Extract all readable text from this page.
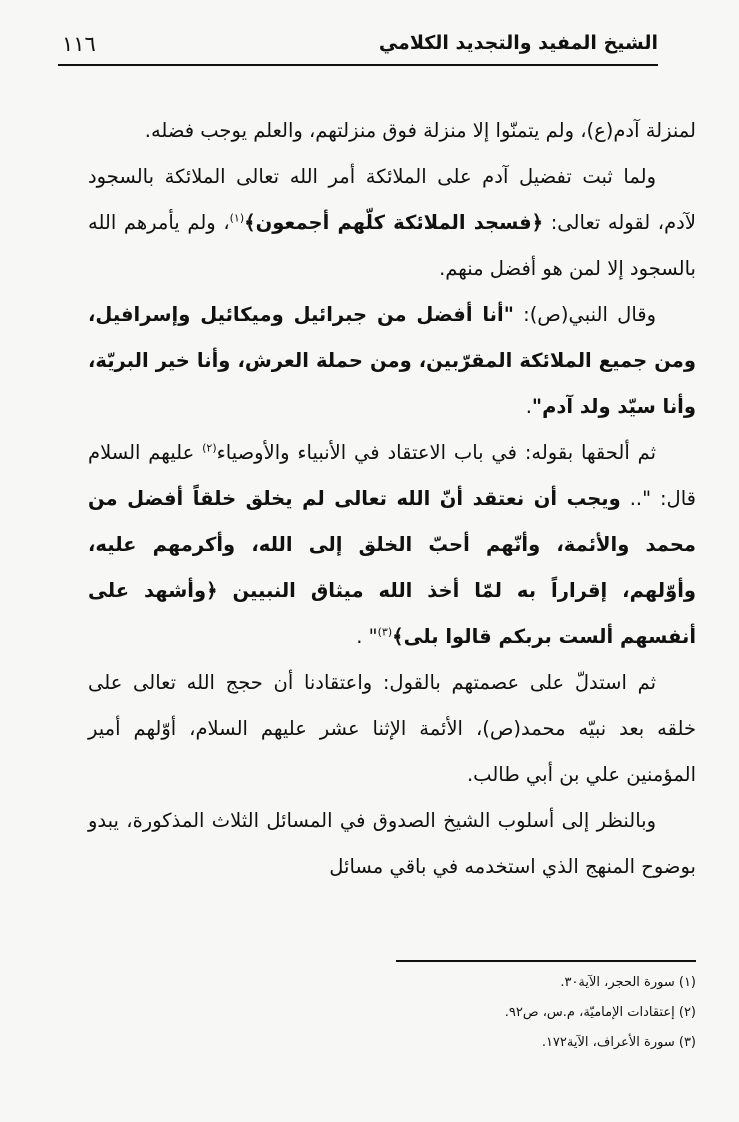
١١٦	الشيخ المفيد والتجديد الكلامي

لمنزلة آدم(ع)، ولم يتمنّوا إلا منزلة فوق منزلتهم، والعلم يوجب فضله.

ولما ثبت تفضيل آدم على الملائكة أمر الله تعالى الملائكة بالسجود لآدم، لقوله تعالى: ﴿فسجد الملائكة كلّهم أجمعون﴾$^{(١)}$، ولم يأمرهم الله بالسجود إلا لمن هو أفضل منهم.

وقال النبي(ص): "أنا أفضل من جبرائيل وميكائيل وإسرافيل، ومن جميع الملائكة المقرّبين، ومن حملة العرش، وأنا خير البريّة، وأنا سيّد ولد آدم".

ثم ألحقها بقوله: في باب الاعتقاد في الأنبياء والأوصياء$^{(٢)}$ عليهم السلام قال: ".. ويجب أن نعتقد أنّ الله تعالى لم يخلق خلقاً أفضل من محمد والأئمة، وأنّهم أحبّ الخلق إلى الله، وأكرمهم عليه، وأوّلهم، إقراراً به لمّا أخذ الله ميثاق النبيين ﴿وأشهد على أنفسهم ألست بربكم قالوا بلى﴾$^{(٣)}$" .

ثم استدلّ على عصمتهم بالقول: واعتقادنا أن حجج الله تعالى على خلقه بعد نبيّه محمد(ص)، الأئمة الإثنا عشر عليهم السلام، أوّلهم أمير المؤمنين علي بن أبي طالب.

وبالنظر إلى أسلوب الشيخ الصدوق في المسائل الثلاث المذكورة، يبدو بوضوح المنهج الذي استخدمه في باقي مسائل

(١) سورة الحجر، الآية٣٠.
(٢) إعتقادات الإماميّة، م.س، ص٩٢.
(٣) سورة الأعراف، الآية١٧٢.
